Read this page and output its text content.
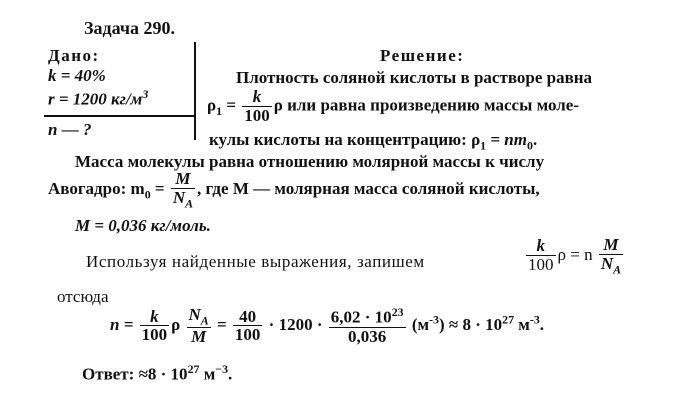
Задача 290.
Дано:
k = 40%
r = 1200 $кг/м^3$
n — ?
Решение:
Плотность соляной кислоты в растворе равна
$\rho_1 = \frac{k}{100}$ ρ или равна произведению массы моле-
кулы кислоты на концентрацию: $\rho_1 = nm_0$.
Масса молекулы равна отношению молярной массы к числу
Авогадро: $m_0 = \frac{M}{N_A}$ , где M — молярная масса соляной кислоты,
M = 0,036 кг/моль.
Используя найденные выражения, запишем	$\frac{k}{100}$ ρ = n $\frac{M}{N_A}$
отсюда
$n = \frac{k}{100}$ ρ $\frac{N_A}{M} = \frac{40}{100} \cdot 1200 \cdot \frac{6,02 \cdot 10^{23}}{0,036} (м^{-3}) \approx 8 \cdot 10^{27}$ $м^{-3}$.
Ответ: $\approx 8 \cdot 10^{27}$ $м^{-3}$.
